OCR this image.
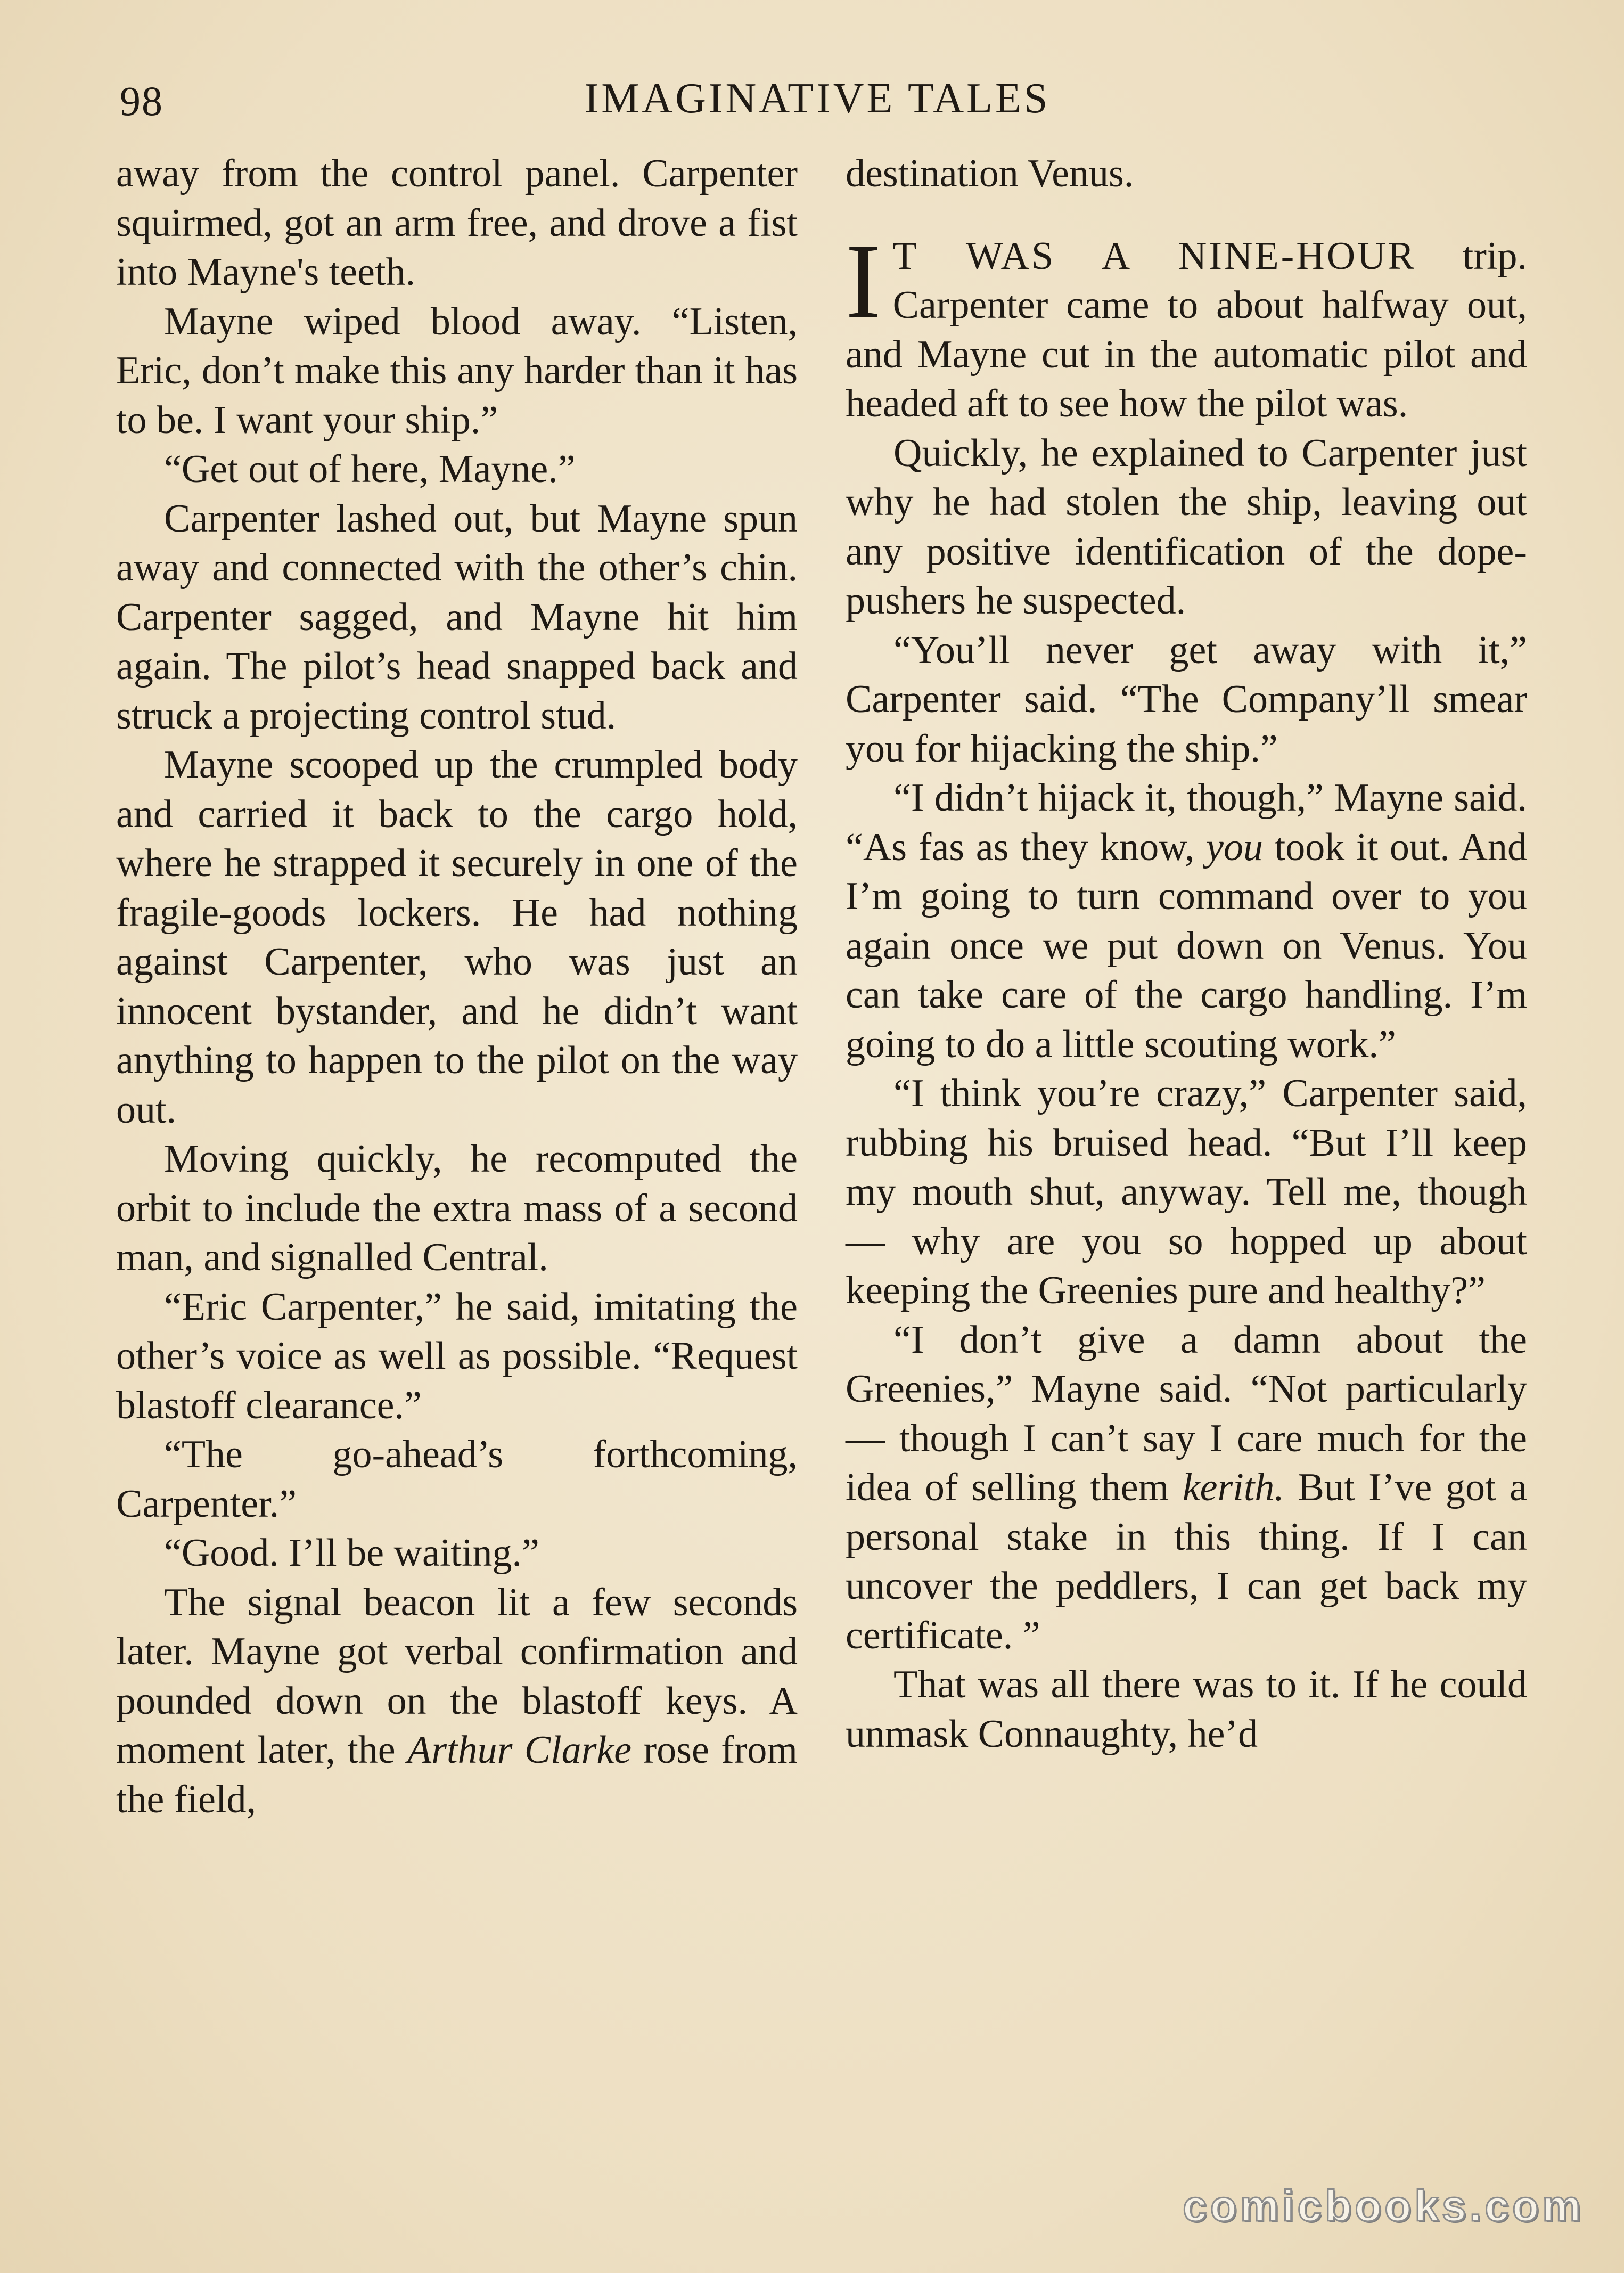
98	IMAGINATIVE TALES

away from the control panel. Carpenter squirmed, got an arm free, and drove a fist into Mayne's teeth.

Mayne wiped blood away. “Listen, Eric, don’t make this any harder than it has to be. I want your ship.”

“Get out of here, Mayne.”

Carpenter lashed out, but Mayne spun away and connected with the other’s chin. Carpenter sagged, and Mayne hit him again. The pilot’s head snapped back and struck a projecting control stud.

Mayne scooped up the crumpled body and carried it back to the cargo hold, where he strapped it securely in one of the fragile-goods lockers. He had nothing against Carpenter, who was just an innocent bystander, and he didn’t want anything to happen to the pilot on the way out.

Moving quickly, he recomputed the orbit to include the extra mass of a second man, and signalled Central.

“Eric Carpenter,” he said, imitating the other’s voice as well as possible. “Request blastoff clearance.”

“The go-ahead’s forthcoming, Carpenter.”

“Good. I’ll be waiting.”

The signal beacon lit a few seconds later. Mayne got verbal confirmation and pounded down on the blastoff keys. A moment later, the Arthur Clarke rose from the field,

destination Venus.

I T WAS A NINE-HOUR trip. Carpenter came to about halfway out, and Mayne cut in the automatic pilot and headed aft to see how the pilot was.

Quickly, he explained to Carpenter just why he had stolen the ship, leaving out any positive identification of the dope-pushers he suspected.

“You’ll never get away with it,” Carpenter said. “The Company’ll smear you for hijacking the ship.”

“I didn’t hijack it, though,” Mayne said. “As fas as they know, you took it out. And I’m going to turn command over to you again once we put down on Venus. You can take care of the cargo handling. I’m going to do a little scouting work.”

“I think you’re crazy,” Carpenter said, rubbing his bruised head. “But I’ll keep my mouth shut, anyway. Tell me, though — why are you so hopped up about keeping the Greenies pure and healthy?”

“I don’t give a damn about the Greenies,” Mayne said. “Not particularly — though I can’t say I care much for the idea of selling them kerith. But I’ve got a personal stake in this thing. If I can uncover the peddlers, I can get back my certificate. ”

That was all there was to it. If he could unmask Connaughty, he’d

comicbooks.com
